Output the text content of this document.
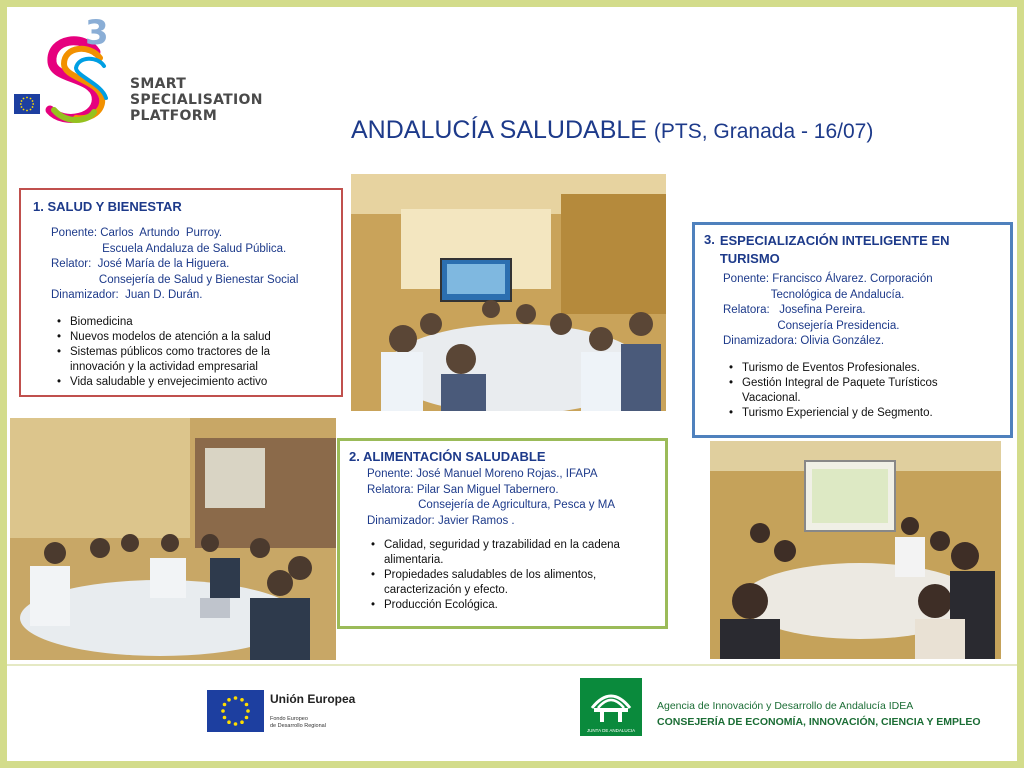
3
SMART
SPECIALISATION
PLATFORM	ANDALUCÍA SALUDABLE (PTS, Granada - 16/07)
1. SALUD Y BIENESTAR
Ponente: Carlos  Artundo  Purroy.
Escuela Andaluza de Salud Pública.
Relator:  José María de la Higuera.
Consejería de Salud y Bienestar Social
Dinamizador:  Juan D. Durán.
• Biomedicina
• Nuevos modelos de atención a la salud
• Sistemas públicos como tractores de la innovación y la actividad empresarial
• Vida saludable y envejecimiento activo
2. ALIMENTACIÓN SALUDABLE
Ponente: José Manuel Moreno Rojas., IFAPA
Relatora: Pilar San Miguel Tabernero.
Consejería de Agricultura, Pesca y MA
Dinamizador: Javier Ramos .
• Calidad, seguridad y trazabilidad en la cadena alimentaria.
• Propiedades saludables de los alimentos, caracterización y efecto.
• Producción Ecológica.
3. ESPECIALIZACIÓN INTELIGENTE EN TURISMO
Ponente: Francisco Álvarez. Corporación
Tecnológica de Andalucía.
Relatora:   Josefina Pereira.
Consejería Presidencia.
Dinamizadora: Olivia González.
• Turismo de Eventos Profesionales.
• Gestión Integral de Paquete Turísticos Vacacional.
• Turismo Experiencial y de Segmento.
Unión Europea
Fondo Europeo
de Desarrollo Regional
JUNTA DE ANDALUCIA
Agencia de Innovación y Desarrollo de Andalucía IDEA
CONSEJERÍA DE ECONOMÍA, INNOVACIÓN, CIENCIA Y EMPLEO
